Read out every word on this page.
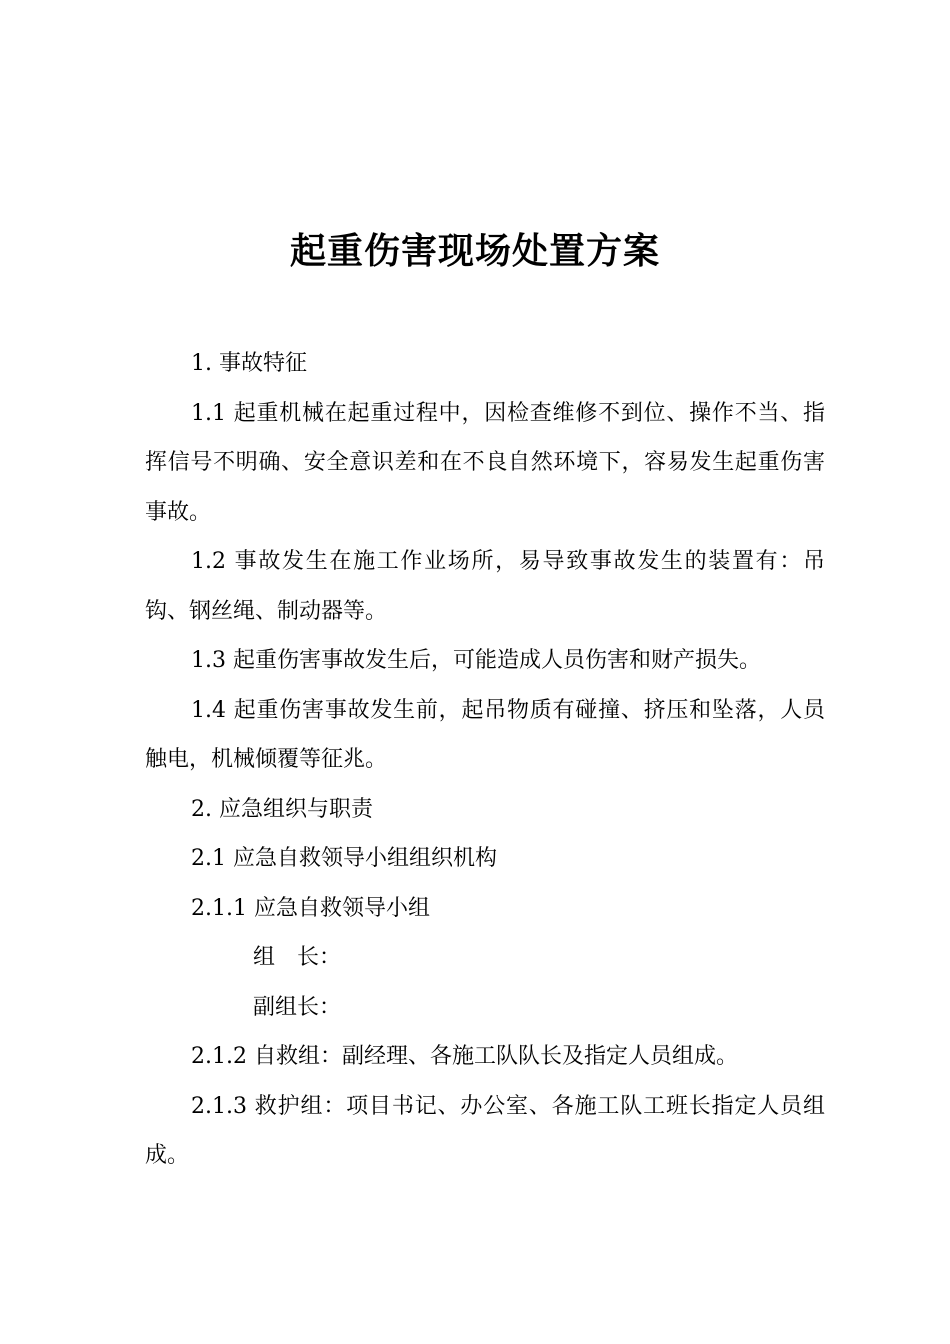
起重伤害现场处置方案

1. 事故特征

1.1 起重机械在起重过程中，因检查维修不到位、操作不当、指挥信号不明确、安全意识差和在不良自然环境下，容易发生起重伤害事故。

1.2 事故发生在施工作业场所，易导致事故发生的装置有：吊钩、钢丝绳、制动器等。

1.3 起重伤害事故发生后，可能造成人员伤害和财产损失。

1.4 起重伤害事故发生前，起吊物质有碰撞、挤压和坠落，人员触电，机械倾覆等征兆。

2. 应急组织与职责

2.1 应急自救领导小组组织机构

2.1.1 应急自救领导小组

组　长：

副组长：

2.1.2 自救组：副经理、各施工队队长及指定人员组成。

2.1.3 救护组：项目书记、办公室、各施工队工班长指定人员组成。
